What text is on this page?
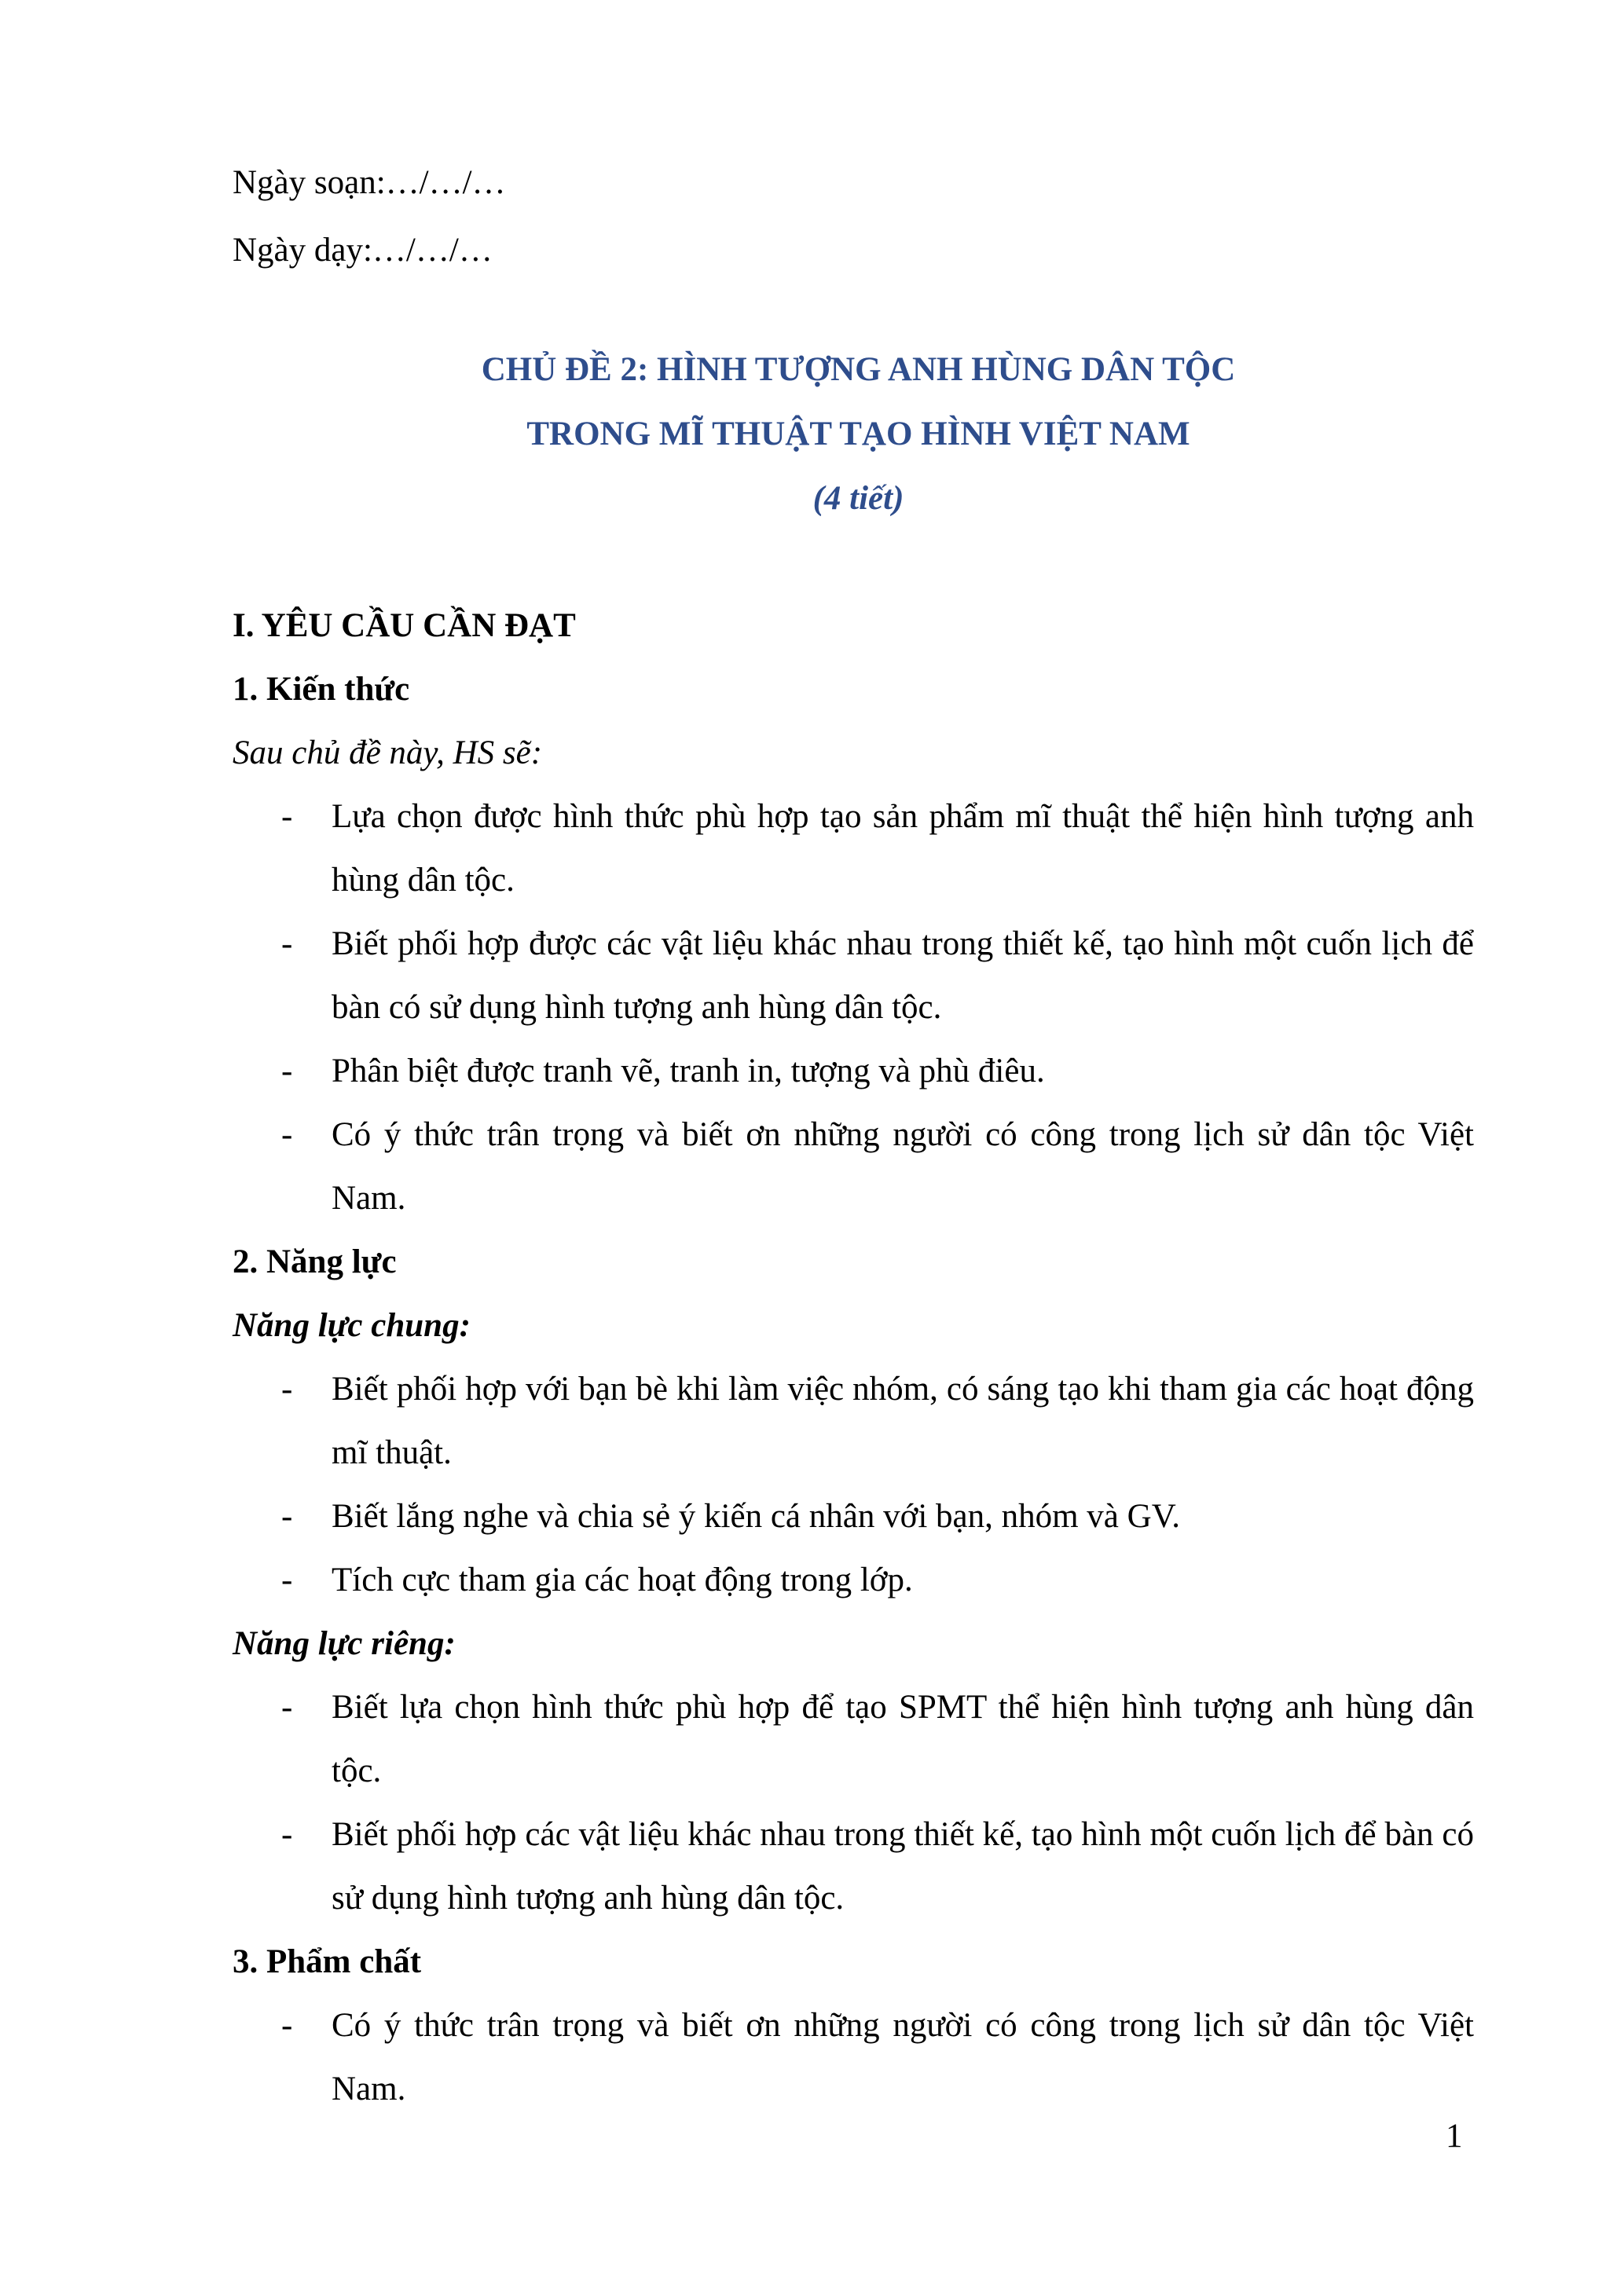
Ngày soạn:…/…/…
Ngày dạy:…/…/…
CHỦ ĐỀ 2: HÌNH TƯỢNG ANH HÙNG DÂN TỘC
TRONG MĨ THUẬT TẠO HÌNH VIỆT NAM
(4 tiết)
I. YÊU CẦU CẦN ĐẠT
1. Kiến thức
Sau chủ đề này, HS sẽ:
- Lựa chọn được hình thức phù hợp tạo sản phẩm mĩ thuật thể hiện hình tượng anh hùng dân tộc.
- Biết phối hợp được các vật liệu khác nhau trong thiết kế, tạo hình một cuốn lịch để bàn có sử dụng hình tượng anh hùng dân tộc.
- Phân biệt được tranh vẽ, tranh in, tượng và phù điêu.
- Có ý thức trân trọng và biết ơn những người có công trong lịch sử dân tộc Việt Nam.
2. Năng lực
Năng lực chung:
- Biết phối hợp với bạn bè khi làm việc nhóm, có sáng tạo khi tham gia các hoạt động mĩ thuật.
- Biết lắng nghe và chia sẻ ý kiến cá nhân với bạn, nhóm và GV.
- Tích cực tham gia các hoạt động trong lớp.
Năng lực riêng:
- Biết lựa chọn hình thức phù hợp để tạo SPMT thể hiện hình tượng anh hùng dân tộc.
- Biết phối hợp các vật liệu khác nhau trong thiết kế, tạo hình một cuốn lịch để bàn có sử dụng hình tượng anh hùng dân tộc.
3. Phẩm chất
- Có ý thức trân trọng và biết ơn những người có công trong lịch sử dân tộc Việt Nam.
1
